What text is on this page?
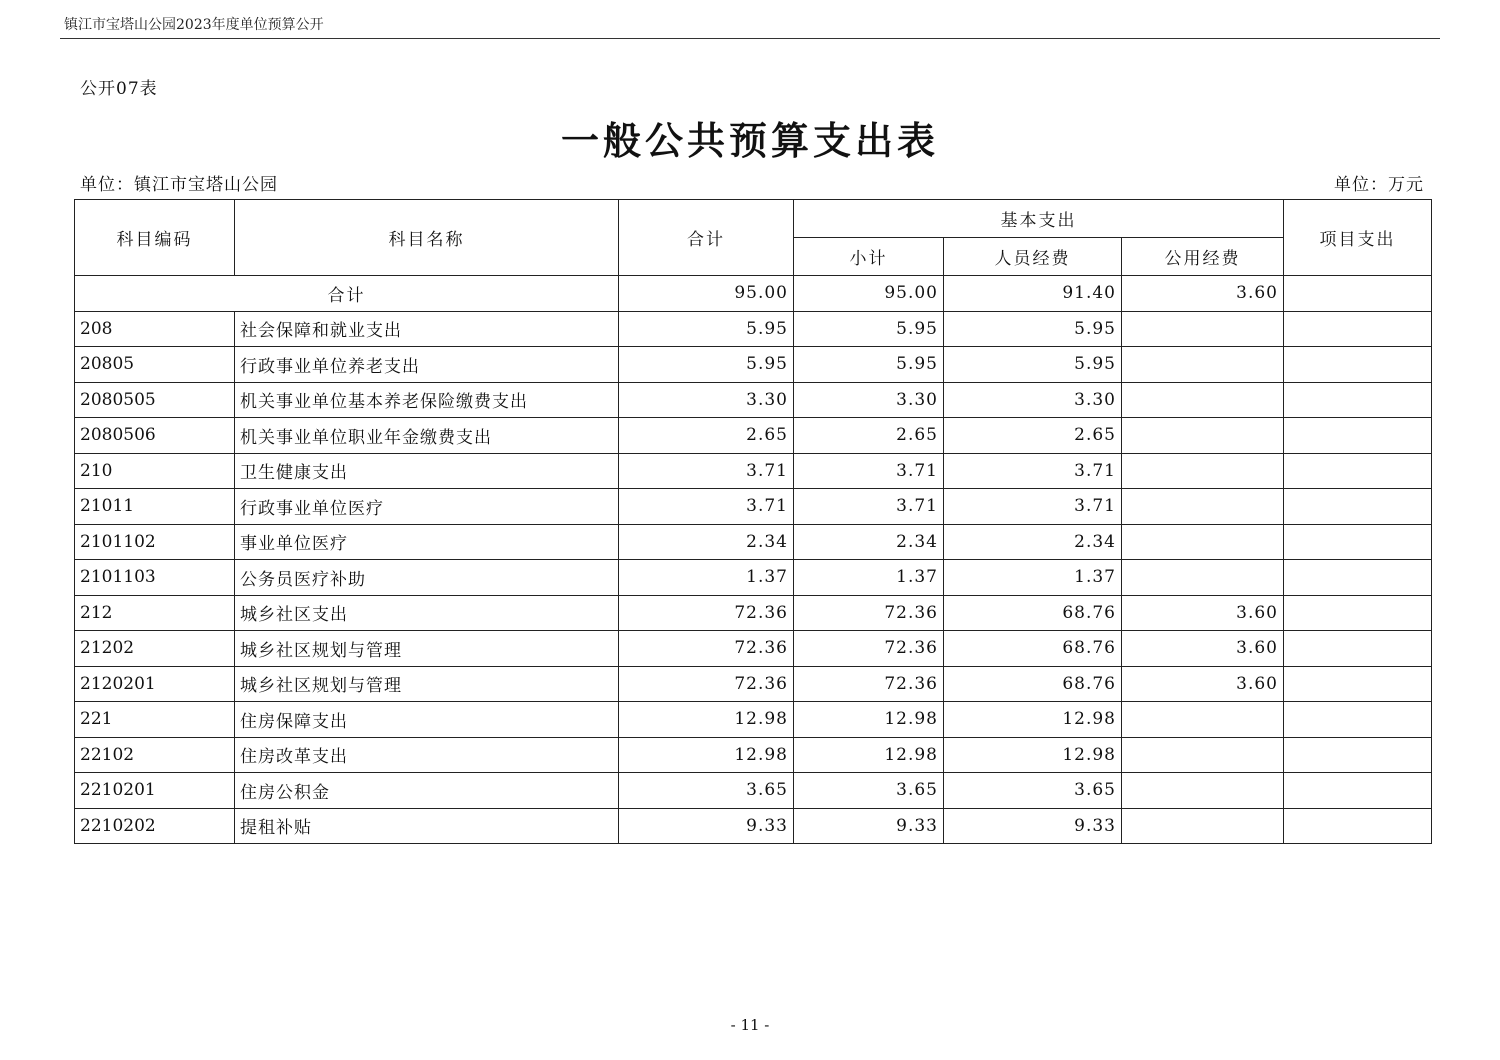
镇江市宝塔山公园2023年度单位预算公开
公开07表
一般公共预算支出表
单位：镇江市宝塔山公园	单位：万元
科目编码	科目名称	合计	基本支出			项目支出
			小计	人员经费	公用经费	
合计		95.00	95.00	91.40	3.60	
208	社会保障和就业支出	5.95	5.95	5.95		
20805	行政事业单位养老支出	5.95	5.95	5.95		
2080505	机关事业单位基本养老保险缴费支出	3.30	3.30	3.30		
2080506	机关事业单位职业年金缴费支出	2.65	2.65	2.65		
210	卫生健康支出	3.71	3.71	3.71		
21011	行政事业单位医疗	3.71	3.71	3.71		
2101102	事业单位医疗	2.34	2.34	2.34		
2101103	公务员医疗补助	1.37	1.37	1.37		
212	城乡社区支出	72.36	72.36	68.76	3.60	
21202	城乡社区规划与管理	72.36	72.36	68.76	3.60	
2120201	城乡社区规划与管理	72.36	72.36	68.76	3.60	
221	住房保障支出	12.98	12.98	12.98		
22102	住房改革支出	12.98	12.98	12.98		
2210201	住房公积金	3.65	3.65	3.65		
2210202	提租补贴	9.33	9.33	9.33		
- 11 -
